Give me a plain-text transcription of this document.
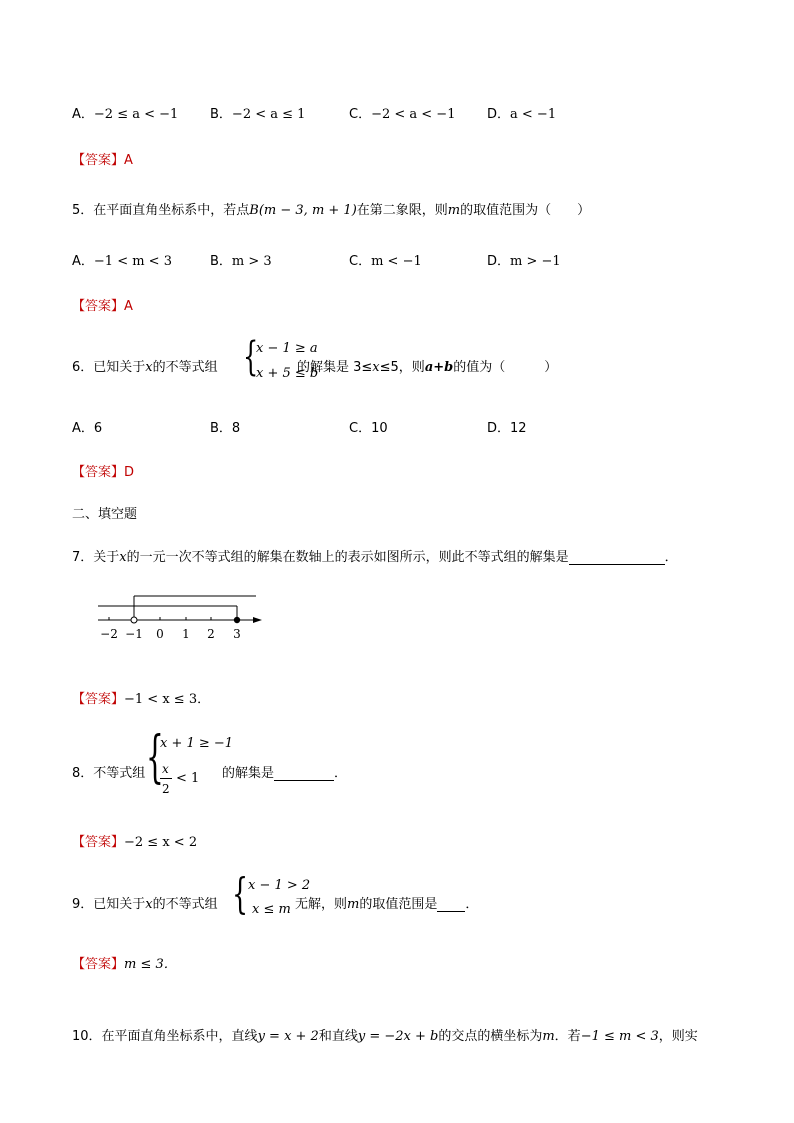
A．−2 ≤ a < −1 B．−2 < a ≤ 1	C．−2 < a < −1 D．a < −1
【答案】A
5．在平面直角坐标系中，若点B(m − 3, m + 1)在第二象限，则m的取值范围为（　　）
A．−1 < m < 3	B．m > 3	C．m < −1	D．m > −1
【答案】A
6．已知关于x的不等式组 {
x − 1 ≥ a
x + 5 ≤ b
的解集是 3≤x≤5，则a+b的值为（　　　）
A．6	B．8	C．10	D．12
【答案】D
二、填空题
7．关于x的一元一次不等式组的解集在数轴上的表示如图所示，则此不等式组的解集是	．
−2 −1 0 1 2 3
【答案】−1 < x ≤ 3．
8．不等式组 {
x + 1 ≥ −1
x
2
< 1 的解集是	．
【答案】−2 ≤ x < 2
9．已知关于x的不等式组 { x − 1 > 2
x ≤ m 无解，则m的取值范围是 ．
【答案】m ≤ 3．
10．在平面直角坐标系中，直线y = x + 2和直线y = −2x + b的交点的横坐标为m．若−1 ≤ m < 3，则实
